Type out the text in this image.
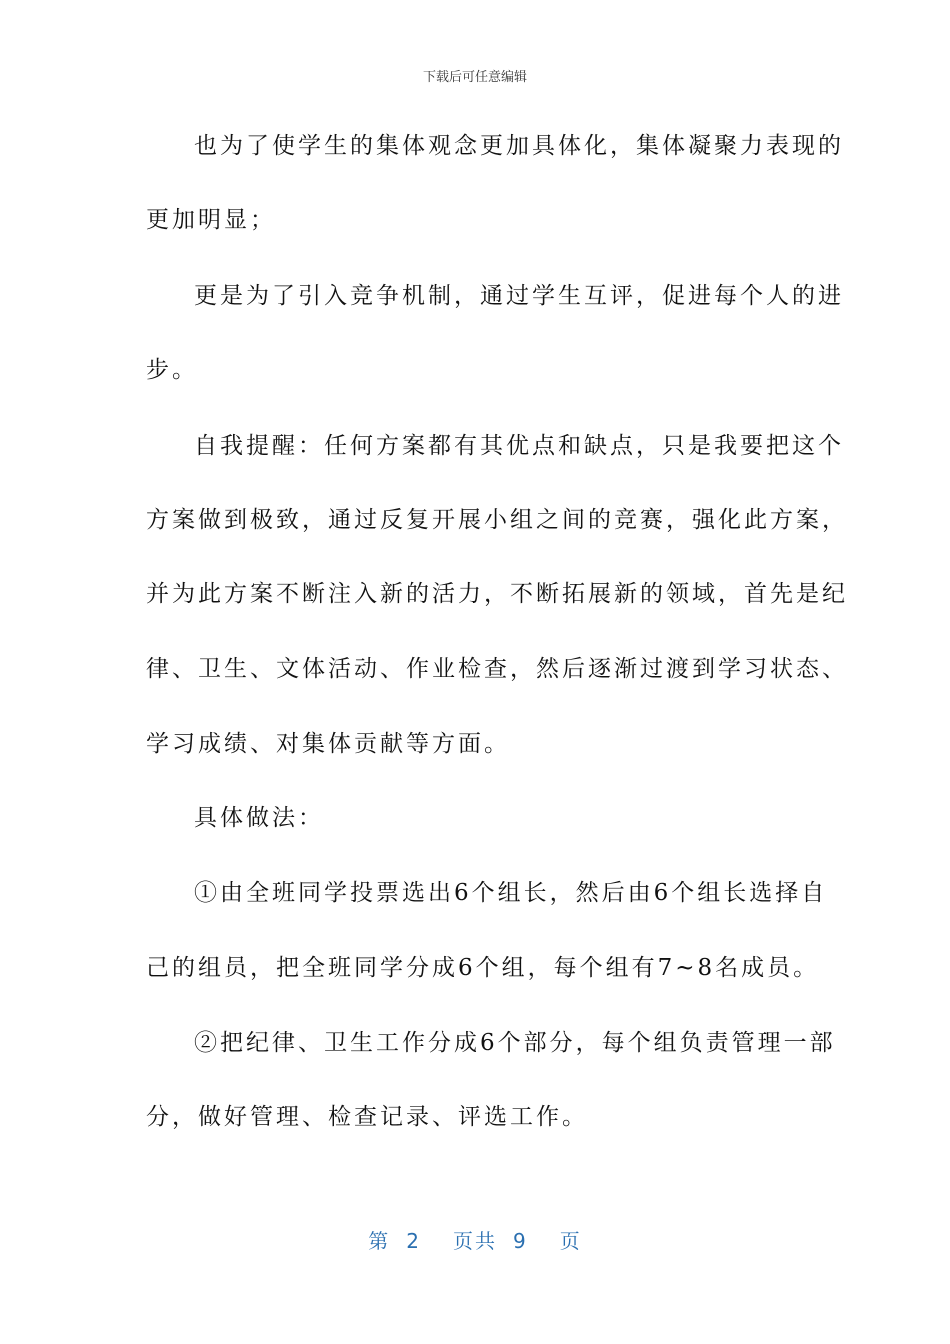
下载后可任意编辑
也为了使学生的集体观念更加具体化，集体凝聚力表现的
更加明显；
更是为了引入竞争机制，通过学生互评，促进每个人的进
步。
自我提醒：任何方案都有其优点和缺点，只是我要把这个
方案做到极致，通过反复开展小组之间的竞赛，强化此方案，
并为此方案不断注入新的活力，不断拓展新的领域，首先是纪
律、卫生、文体活动、作业检查，然后逐渐过渡到学习状态、
学习成绩、对集体贡献等方面。
具体做法：
①由全班同学投票选出6个组长，然后由6个组长选择自
己的组员，把全班同学分成6个组，每个组有7~8名成员。
②把纪律、卫生工作分成6个部分，每个组负责管理一部
分，做好管理、检查记录、评选工作。
第 2 页共 9 页
